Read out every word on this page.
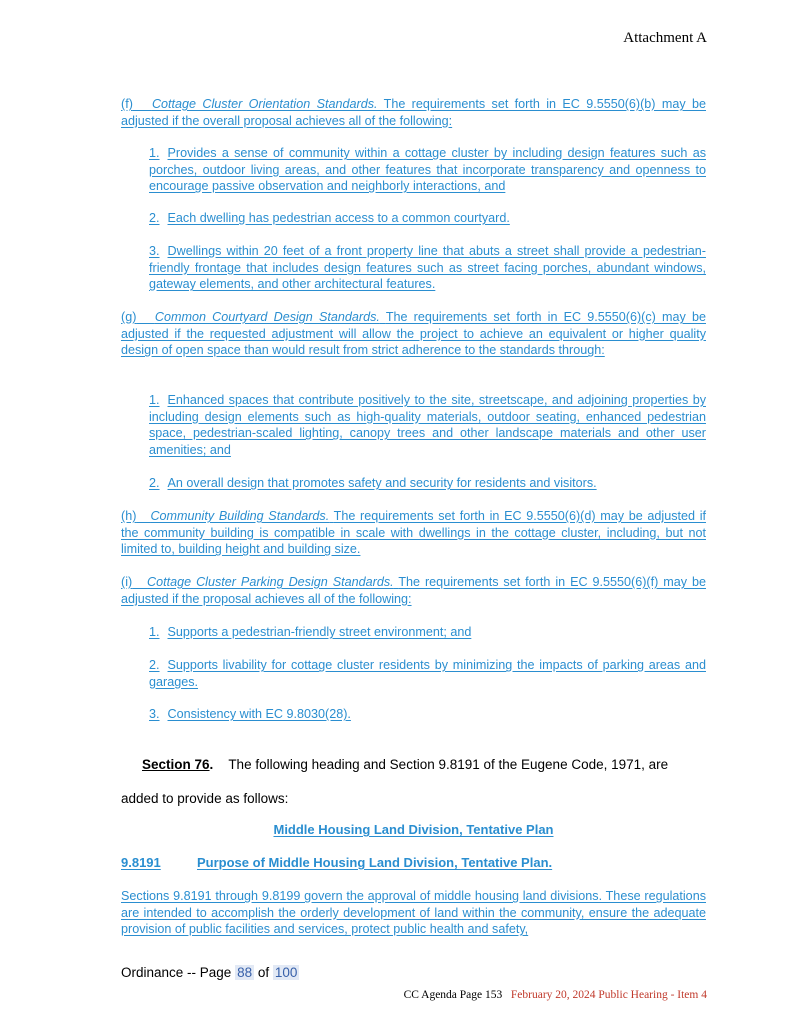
Attachment A

(f) Cottage Cluster Orientation Standards. The requirements set forth in EC 9.5550(6)(b) may be adjusted if the overall proposal achieves all of the following:

1. Provides a sense of community within a cottage cluster by including design features such as porches, outdoor living areas, and other features that incorporate transparency and openness to encourage passive observation and neighborly interactions, and

2. Each dwelling has pedestrian access to a common courtyard.

3. Dwellings within 20 feet of a front property line that abuts a street shall provide a pedestrian-friendly frontage that includes design features such as street facing porches, abundant windows, gateway elements, and other architectural features.

(g) Common Courtyard Design Standards. The requirements set forth in EC 9.5550(6)(c) may be adjusted if the requested adjustment will allow the project to achieve an equivalent or higher quality design of open space than would result from strict adherence to the standards through:

1. Enhanced spaces that contribute positively to the site, streetscape, and adjoining properties by including design elements such as high-quality materials, outdoor seating, enhanced pedestrian space, pedestrian-scaled lighting, canopy trees and other landscape materials and other user amenities; and

2. An overall design that promotes safety and security for residents and visitors.

(h) Community Building Standards. The requirements set forth in EC 9.5550(6)(d) may be adjusted if the community building is compatible in scale with dwellings in the cottage cluster, including, but not limited to, building height and building size.

(i) Cottage Cluster Parking Design Standards. The requirements set forth in EC 9.5550(6)(f) may be adjusted if the proposal achieves all of the following:

1. Supports a pedestrian-friendly street environment; and

2. Supports livability for cottage cluster residents by minimizing the impacts of parking areas and garages.

3. Consistency with EC 9.8030(28).

Section 76. The following heading and Section 9.8191 of the Eugene Code, 1971, are
added to provide as follows:
Middle Housing Land Division, Tentative Plan
9.8191	Purpose of Middle Housing Land Division, Tentative Plan.

Sections 9.8191 through 9.8199 govern the approval of middle housing land divisions. These regulations are intended to accomplish the orderly development of land within the community, ensure the adequate provision of public facilities and services, protect public health and safety,

Ordinance -- Page 88 of 100
CC Agenda Page 153 February 20, 2024 Public Hearing - Item 4
